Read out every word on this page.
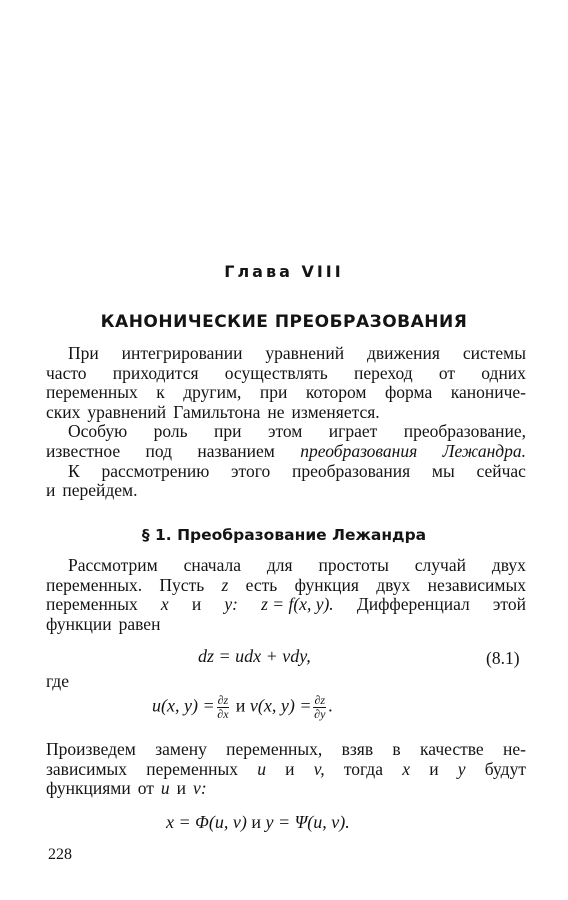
Глава VIII
КАНОНИЧЕСКИЕ ПРЕОБРАЗОВАНИЯ
При интегрировании уравнений движения системы
часто приходится осуществлять переход от одних
переменных к другим, при котором форма канониче-
ских уравнений Гамильтона не изменяется.
Особую роль при этом играет преобразование,
известное под названием преобразования Лежандра.
К рассмотрению этого преобразования мы сейчас
и перейдем.
§ 1. Преобразование Лежандра
Рассмотрим сначала для простоты случай двух
переменных. Пусть z есть функция двух независимых
переменных x и y: z = f(x, y). Дифференциал этой
функции равен
dz = udx + vdy,	(8.1)
где
u(x, $y) = \frac{\partial z}{\partial x}$ и v(x, $y) = \frac{\partial z}{\partial y}$ .
Произведем замену переменных, взяв в качестве не-
зависимых переменных u и v, тогда x и y будут
функциями от u и v:
x = Φ(u, v) и y = Ψ(u, v).
228
